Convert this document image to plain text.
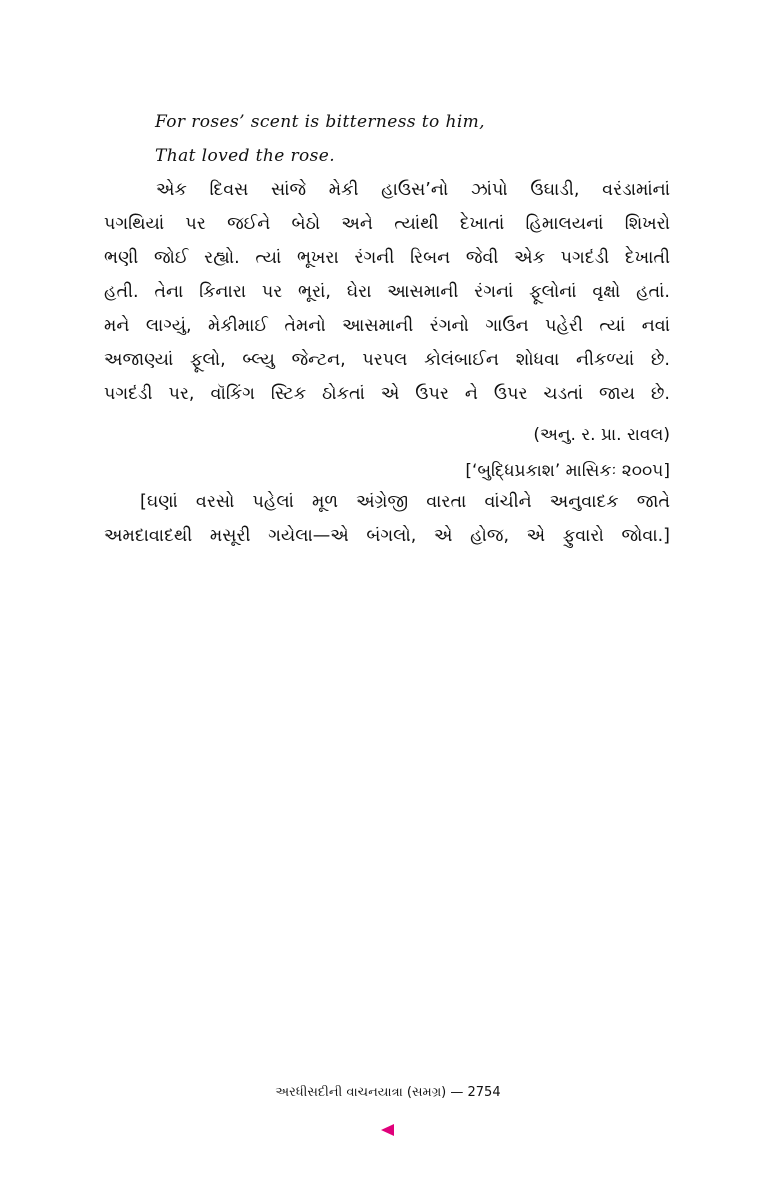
For roses’ scent is bitterness to him,
That loved the rose.
એક દિવસ સાંજે મેકી હાઉસ’નો ઝાંપો ઉઘાડી, વરંડામાંનાં
પગથિયાં પર જઈને બેઠો અને ત્યાંથી દેખાતાં હિમાલયનાં શિખરો
ભણી જોઈ રહ્યો. ત્યાં ભૂખરા રંગની રિબન જેવી એક પગદંડી દેખાતી
હતી. તેના કિનારા પર ભૂરાં, ઘેરા આસમાની રંગનાં ફૂલોનાં વૃક્ષો હતાં.
મને લાગ્યું, મેકીમાઈ તેમનો આસમાની રંગનો ગાઉન પહેરી ત્યાં નવાં
અજાણ્યાં ફૂલો, બ્લ્યુ જેન્ટન, પરપલ કોલંબાઈન શોધવા નીકળ્યાં છે.
પગદંડી પર, વૉકિંગ સ્ટિક ઠોકતાં એ ઉપર ને ઉપર ચડતાં જાય છે.
(અનુ. ર. પ્રા. રાવલ)
[‘બુદ્ધિપ્રકાશ’ માસિકઃ ૨૦૦૫]
[ઘણાં વરસો પહેલાં મૂળ અંગ્રેજી વારતા વાંચીને અનુવાદક જાતે
અમદાવાદથી મસૂરી ગયેલા—એ બંગલો, એ હોજ, એ ફુવારો જોવા.]
અરધીસદીની વાચનયાત્રા (સમગ્ર) — 2754
